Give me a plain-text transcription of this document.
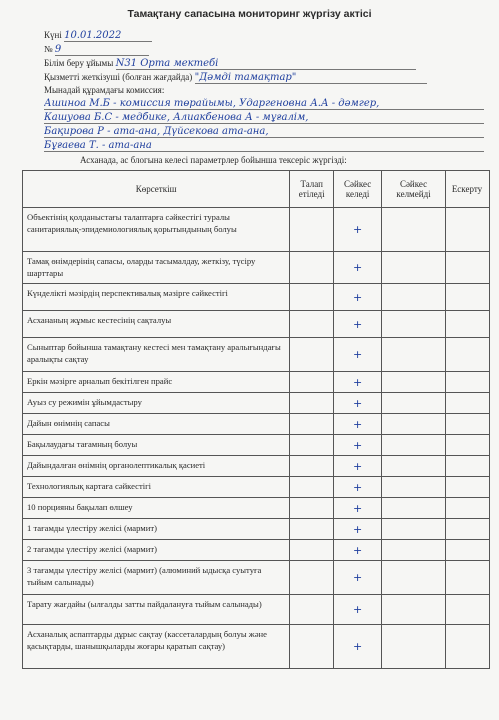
Тамақтану сапасына мониторинг жүргізу актісі
Күні 10.01.2022
№ 9
Білім беру ұйымы N31 Орта мектебі
Қызметті жеткізуші (болған жағдайда) "Дәмді тамақтар"
Мынадай құрамдағы комиссия:
Ашиноа М.Б - комиссия төрайымы, Ударгеновна А.А - дәмгер,
Кашуова Б.С - медбике, Алиакбенова А - мұғалім,
Бақирова Р - ата-ана, Дүйсекова ата-ана,
Бұғаева Т. - ата-ана
Асханада, ас блогына келесі параметрлер бойынша тексеріс жүргізді:
Көрсеткіш	Талап етіледі	Сәйкес келеді	Сәйкес келмейді	Ескерту

Объектінің қолданыстағы талаптарға сәйкестігі туралы санитариялық-эпидемиологиялық қорытындының болуы		+		
Тамақ өнімдерінің сапасы, оларды тасымалдау, жеткізу, түсіру шарттары		+		
Күнделікті мәзірдің перспективалық мәзірге сәйкестігі		+		
Асхананың жұмыс кестесінің сақталуы		+		
Сыныптар бойынша тамақтану кестесі мен тамақтану аралығындағы аралықты сақтау		+		
Еркін мәзірге арналып бекітілген прайс		+		
Ауыз су режимін ұйымдастыру		+		
Дайын өнімнің сапасы		+		
Бақылаудағы тағамның болуы		+		
Дайындалған өнімнің органолептикалық қасиеті		+		
Технологиялық картаға сәйкестігі		+		
10 порцияны бақылап өлшеу		+		
1 тағамды үлестіру желісі (мармит)		+		
2 тағамды үлестіру желісі (мармит)		+		
3 тағамды үлестіру желісі (мармит) (алюминий ыдысқа суытуға тыйым салынады)		+		
Тарату жағдайы (ылғалды затты пайдалануға тыйым салынады)		+		
Асханалық аспаптарды дұрыс сақтау (кассеталардың болуы және қасықтарды, шанышқыларды жоғары қаратып сақтау)		+		
